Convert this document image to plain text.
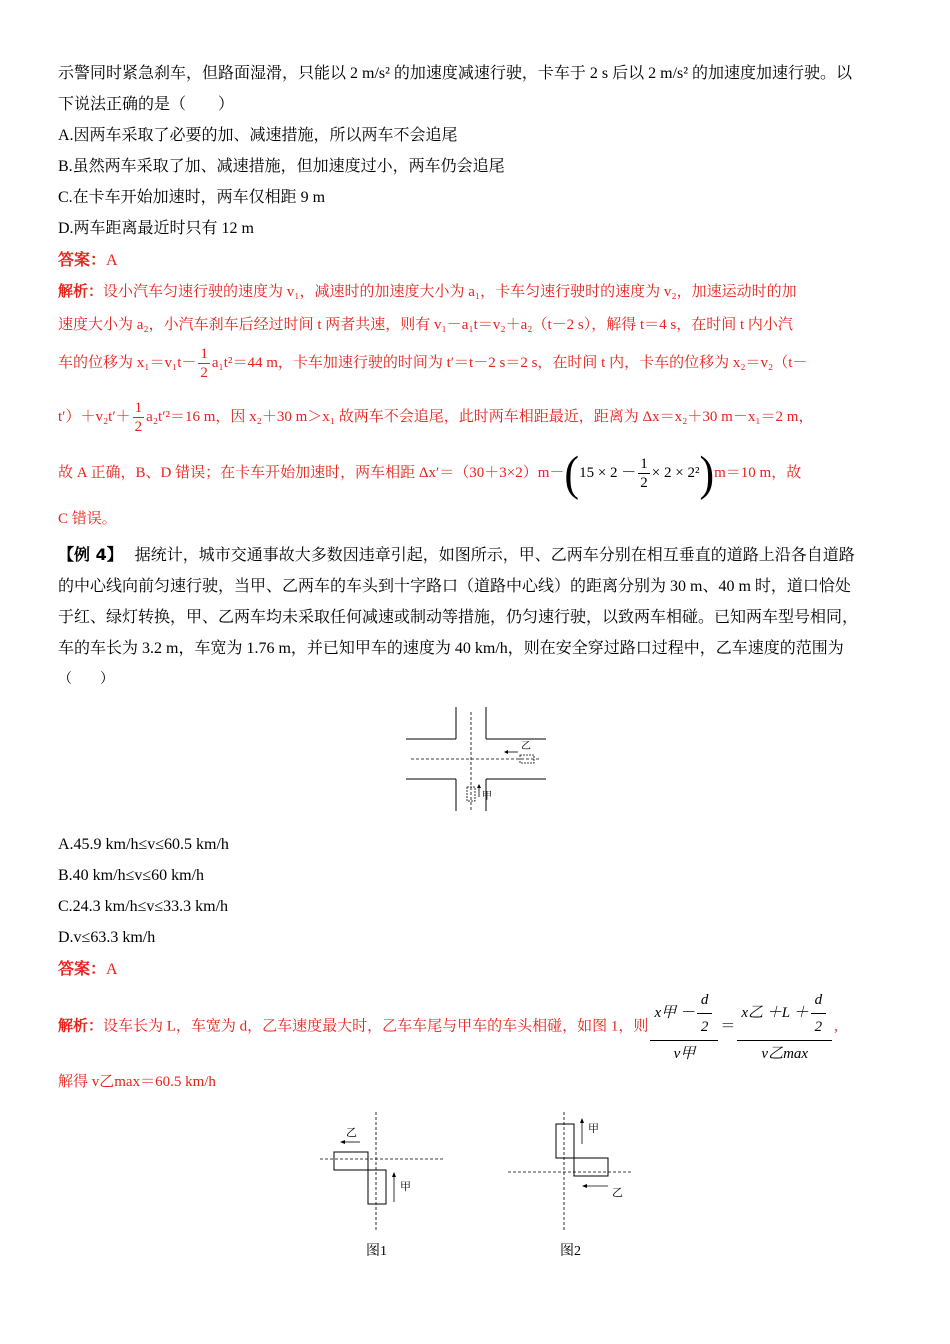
示警同时紧急刹车，但路面湿滑，只能以 2 m/s² 的加速度减速行驶，卡车于 2 s 后以 2 m/s² 的加速度加速行驶。以
下说法正确的是（　　）
A.因两车采取了必要的加、减速措施，所以两车不会追尾
B.虽然两车采取了加、减速措施，但加速度过小，两车仍会追尾
C.在卡车开始加速时，两车仅相距 9 m
D.两车距离最近时只有 12 m
答案：A
解析：设小汽车匀速行驶的速度为 v₁，减速时的加速度大小为 a₁，卡车匀速行驶时的速度为 v₂，加速运动时的加
速度大小为 a₂，小汽车刹车后经过时间 t 两者共速，则有 v₁－a₁t＝v₂＋a₂（t－2 s），解得 t＝4 s，在时间 t 内小汽
车的位移为 $x_1=v_1t- \frac{1}{2} a_1t^2=44$ m，卡车加速行驶的时间为 t′＝t－2 s＝2 s，在时间 t 内，卡车的位移为 x₂＝v₂（t－
$t')+v_2t'+ \frac{1}{2} a_2t'^2=16$ m，因 x₂＋30 m＞x₁ 故两车不会追尾，此时两车相距最近，距离为 Δx＝x₂＋30 m－x₁＝2 m，
故 A 正确，B、D 错误；在卡车开始加速时，两车相距 $\Delta x'=(30+3\times 2)m-(15 \times 2 - \frac{1}{2} \times 2 \times 2^2)m=10$ m，故
C 错误。
【例 4】 据统计，城市交通事故大多数因违章引起，如图所示，甲、乙两车分别在相互垂直的道路上沿各自道路
的中心线向前匀速行驶，当甲、乙两车的车头到十字路口（道路中心线）的距离分别为 30 m、40 m 时，道口恰处
于红、绿灯转换，甲、乙两车均未采取任何减速或制动等措施，仍匀速行驶，以致两车相碰。已知两车型号相同，
车的车长为 3.2 m，车宽为 1.76 m，并已知甲车的速度为 40 km/h，则在安全穿过路口过程中，乙车速度的范围为
（　　）
乙
甲
A.45.9 km/h≤v≤60.5 km/h
B.40 km/h≤v≤60 km/h
C.24.3 km/h≤v≤33.3 km/h
D.v≤63.3 km/h
答案：A
解析：设车长为 L，车宽为 d，乙车速度最大时，乙车车尾与甲车的车头相碰，如图 1，则 $\frac{x甲 - \frac{d}{2}}{\text{v甲}} = \frac{x乙 +L + \frac{d}{2}}{\text{v乙max}}$ ,
解得 v乙max＝60.5 km/h
乙
甲
图1
甲
乙
图2
